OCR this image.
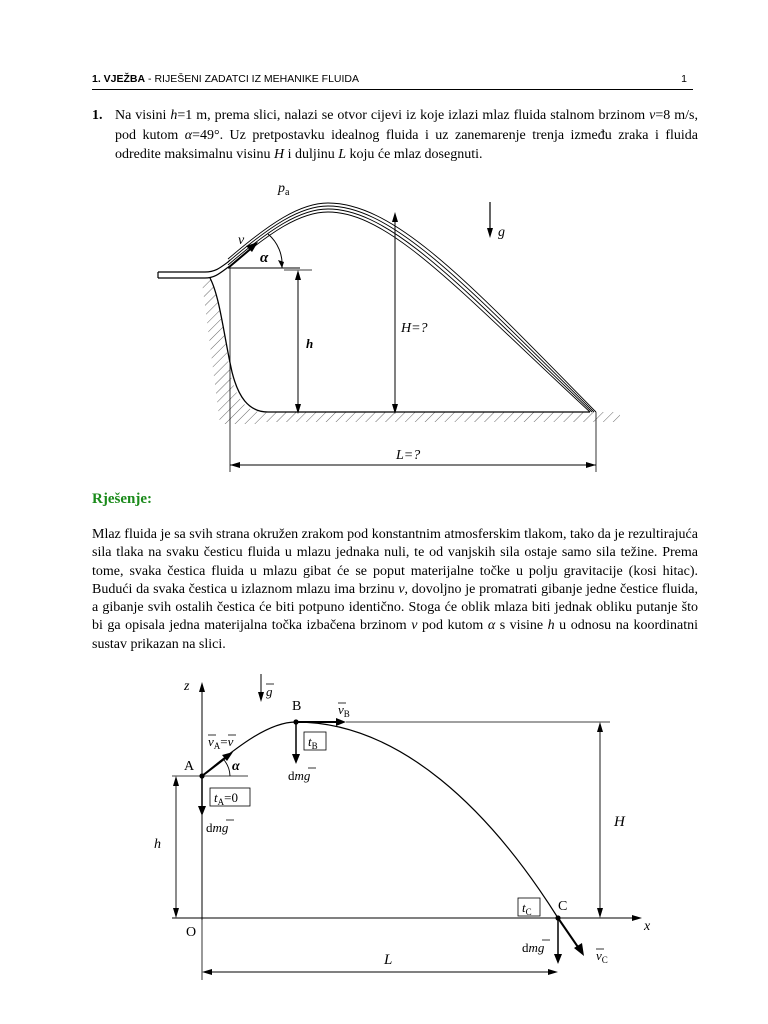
1. VJEŽBA - RIJEŠENI ZADATCI IZ MEHANIKE FLUIDA	1
1. Na visini h=1 m, prema slici, nalazi se otvor cijevi iz koje izlazi mlaz fluida stalnom brzinom v=8 m/s, pod kutom α=49°. Uz pretpostavku idealnog fluida i uz zanemarenje trenja između zraka i fluida odredite maksimalnu visinu H i duljinu L koju će mlaz dosegnuti.
v
α
$p_a$
g
h
H=?
L=?
Rješenje:
Mlaz fluida je sa svih strana okružen zrakom pod konstantnim atmosferskim tlakom, tako da je rezultirajuća sila tlaka na svaku česticu fluida u mlazu jednaka nuli, te od vanjskih sila ostaje samo sila težine. Prema tome, svaka čestica fluida u mlazu gibat će se poput materijalne točke u polju gravitacije (kosi hitac). Budući da svaka čestica u izlaznom mlazu ima brzinu v, dovoljno je promatrati gibanje jedne čestice fluida, a gibanje svih ostalih čestica će biti potpuno identično. Stoga će oblik mlaza biti jednak obliku putanje što bi ga opisala jedna materijalna točka izbačena brzinom v pod kutom α s visine h u odnosu na koordinatni sustav prikazan na slici.
z
x
O
A
B
C
g
$v_A=v$
α
$t_A=0$
dmg
$v_B$
$t_B$
dmg
$t_C$
$v_C$
dmg
h
H
L
